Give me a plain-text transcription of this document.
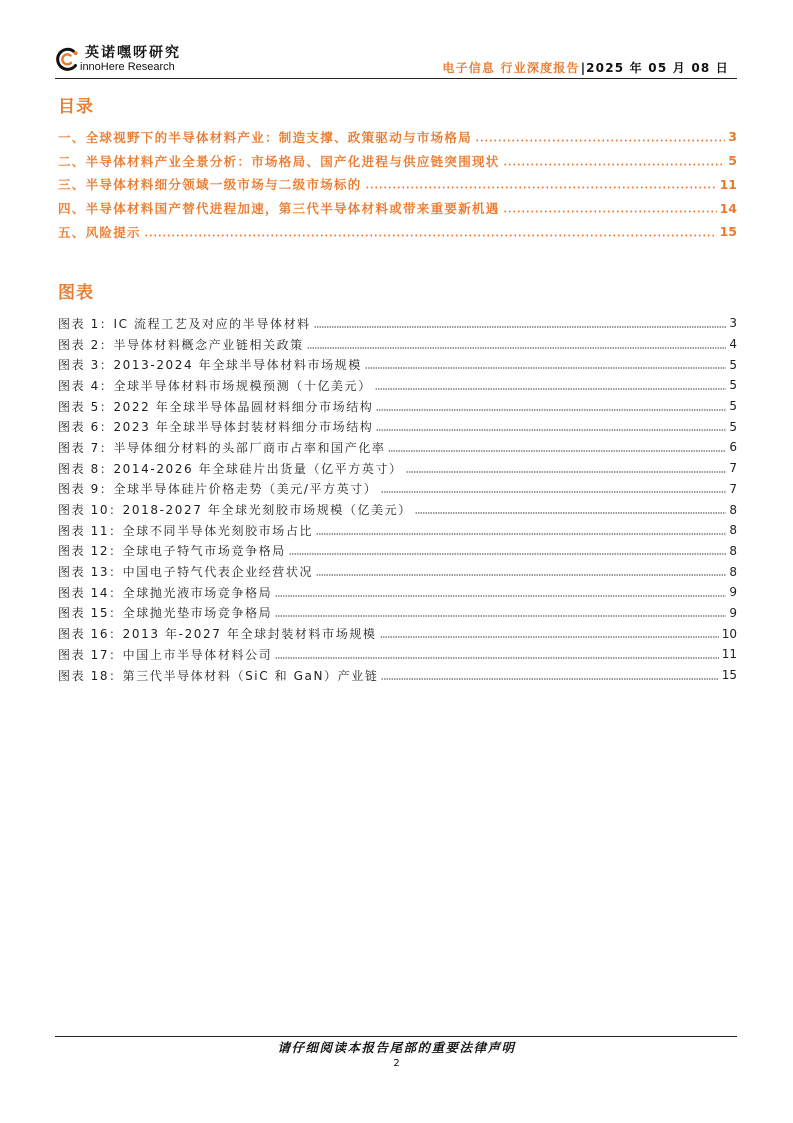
英诺嘿呀研究
innoHere Research	电子信息 行业深度报告|2025 年 05 月 08 日
目录
一、全球视野下的半导体材料产业：制造支撑、政策驱动与市场格局	3
二、半导体材料产业全景分析：市场格局、国产化进程与供应链突围现状	5
三、半导体材料细分领域一级市场与二级市场标的	11
四、半导体材料国产替代进程加速，第三代半导体材料或带来重要新机遇	14
五、风险提示	15
图表
图表 1：IC 流程工艺及对应的半导体材料	3
图表 2：半导体材料概念产业链相关政策	4
图表 3：2013-2024 年全球半导体材料市场规模	5
图表 4：全球半导体材料市场规模预测（十亿美元）	5
图表 5：2022 年全球半导体晶圆材料细分市场结构	5
图表 6：2023 年全球半导体封装材料细分市场结构	5
图表 7：半导体细分材料的头部厂商市占率和国产化率	6
图表 8：2014-2026 年全球硅片出货量（亿平方英寸）	7
图表 9：全球半导体硅片价格走势（美元/平方英寸）	7
图表 10：2018-2027 年全球光刻胶市场规模（亿美元）	8
图表 11：全球不同半导体光刻胶市场占比	8
图表 12：全球电子特气市场竞争格局	8
图表 13：中国电子特气代表企业经营状况	8
图表 14：全球抛光液市场竞争格局	9
图表 15：全球抛光垫市场竞争格局	9
图表 16：2013 年-2027 年全球封装材料市场规模	10
图表 17：中国上市半导体材料公司	11
图表 18：第三代半导体材料（SiC 和 GaN）产业链	15
请仔细阅读本报告尾部的重要法律声明
2
